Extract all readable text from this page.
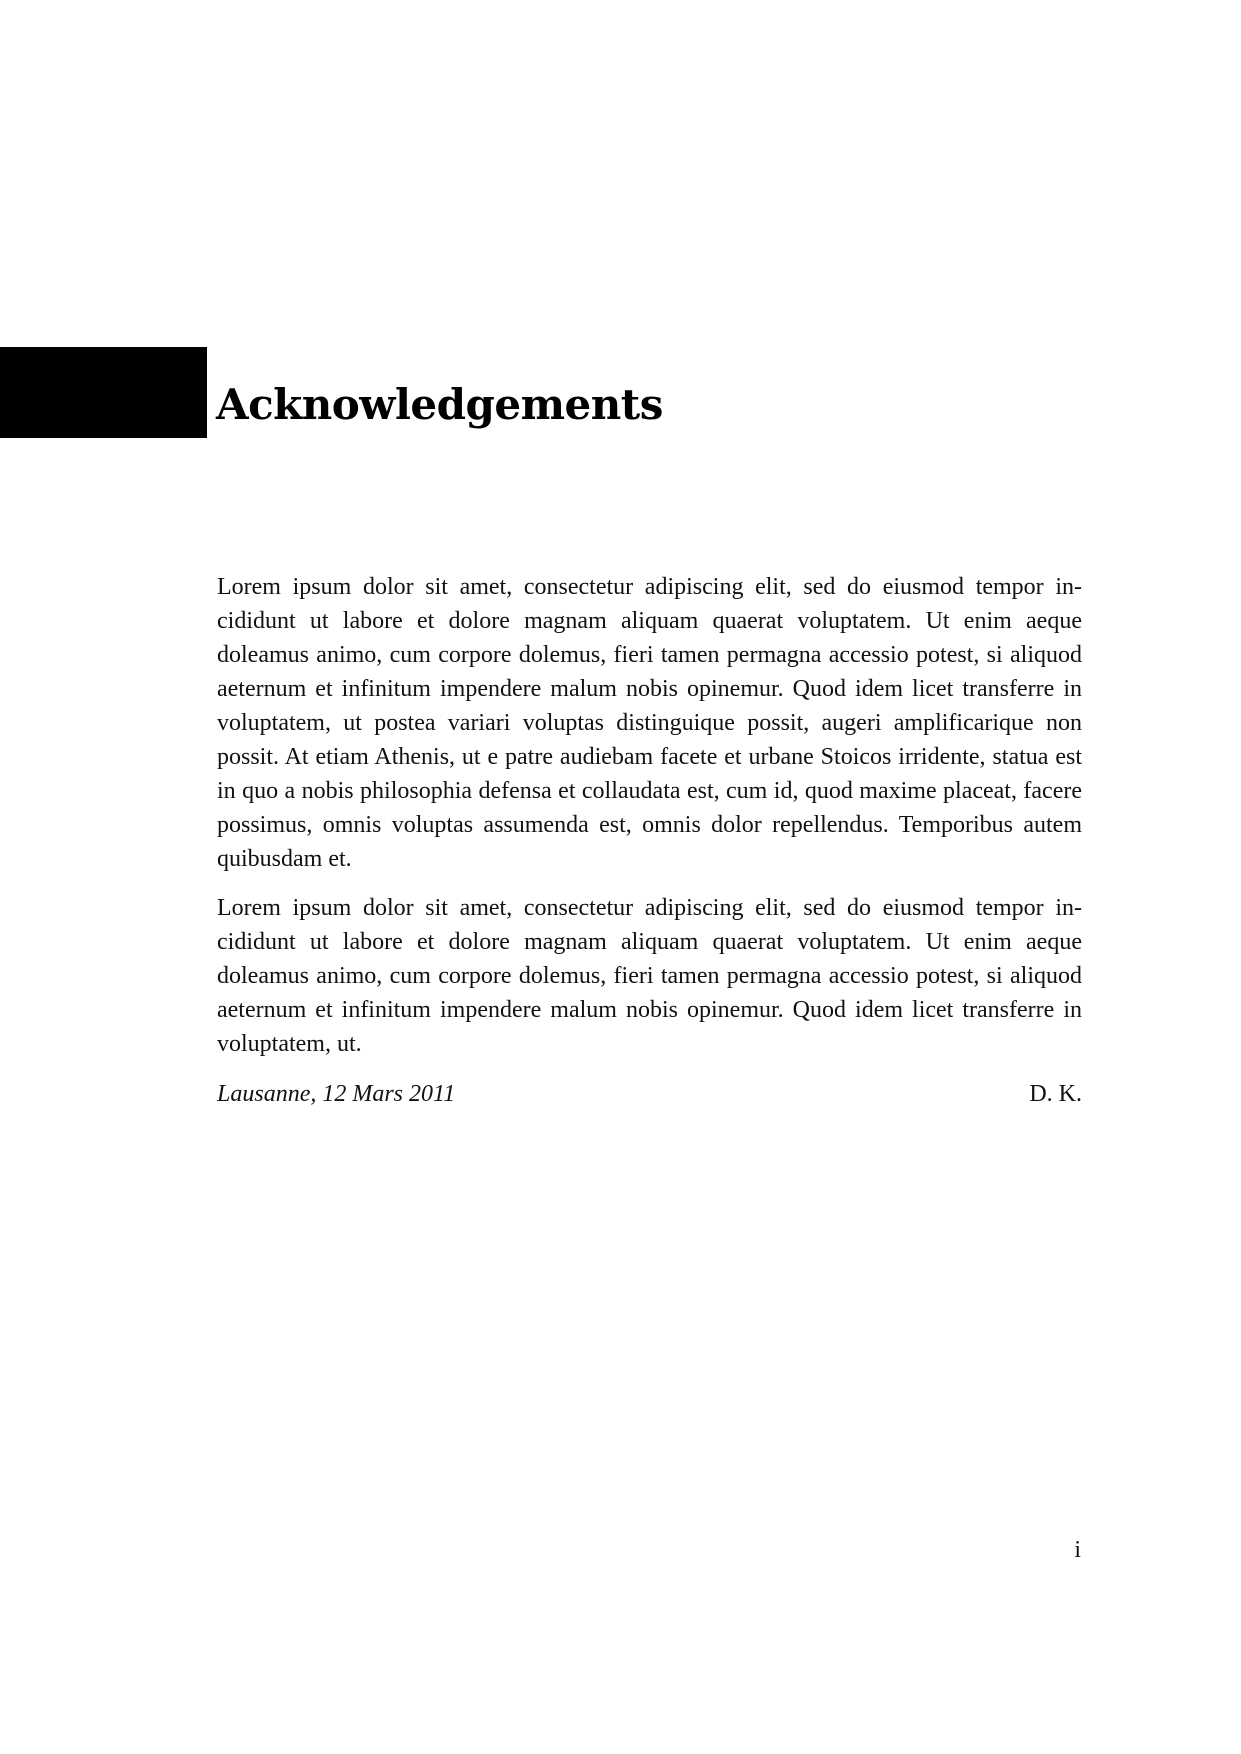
Acknowledgements

Lorem ipsum dolor sit amet, consectetur adipiscing elit, sed do eiusmod tempor incididunt ut labore et dolore magnam aliquam quaerat voluptatem. Ut enim aeque doleamus animo, cum corpore dolemus, fieri tamen permagna accessio potest, si aliquod aeternum et infinitum impendere malum nobis opinemur. Quod idem licet transferre in voluptatem, ut postea variari voluptas distinguique possit, augeri amplificarique non possit. At etiam Athenis, ut e patre audiebam facete et urbane Stoicos irridente, statua est in quo a nobis philosophia defensa et collaudata est, cum id, quod maxime placeat, facere possimus, omnis voluptas assumenda est, omnis dolor repellendus. Temporibus autem quibusdam et.

Lorem ipsum dolor sit amet, consectetur adipiscing elit, sed do eiusmod tempor incididunt ut labore et dolore magnam aliquam quaerat voluptatem. Ut enim aeque doleamus animo, cum corpore dolemus, fieri tamen permagna accessio potest, si aliquod aeternum et infinitum impendere malum nobis opinemur. Quod idem licet transferre in voluptatem, ut.

Lausanne, 12 Mars 2011	D. K.
i
